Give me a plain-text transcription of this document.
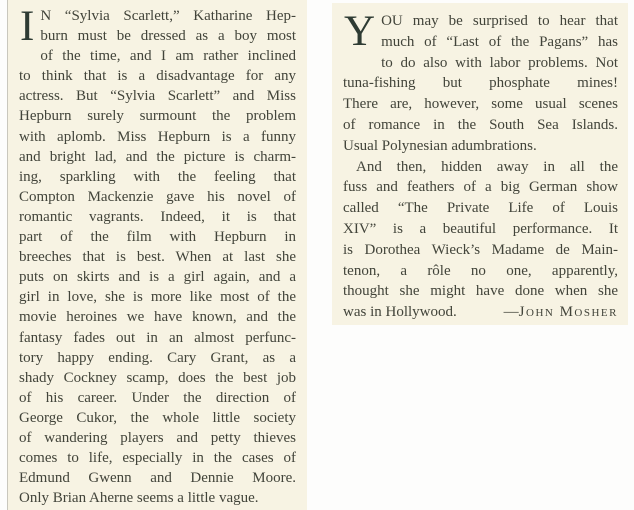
I N “Sylvia Scarlett,” Katharine Hep-
burn must be dressed as a boy most
of the time, and I am rather inclined
to think that is a disadvantage for any
actress. But “Sylvia Scarlett” and Miss
Hepburn surely surmount the problem
with aplomb. Miss Hepburn is a funny
and bright lad, and the picture is charm-
ing, sparkling with the feeling that
Compton Mackenzie gave his novel of
romantic vagrants. Indeed, it is that
part of the film with Hepburn in
breeches that is best. When at last she
puts on skirts and is a girl again, and a
girl in love, she is more like most of the
movie heroines we have known, and the
fantasy fades out in an almost perfunc-
tory happy ending. Cary Grant, as a
shady Cockney scamp, does the best job
of his career. Under the direction of
George Cukor, the whole little society
of wandering players and petty thieves
comes to life, especially in the cases of
Edmund Gwenn and Dennie Moore.
Only Brian Aherne seems a little vague.
Y OU may be surprised to hear that
much of “Last of the Pagans” has
to do also with labor problems. Not
tuna-fishing but phosphate mines!
There are, however, some usual scenes
of romance in the South Sea Islands.
Usual Polynesian adumbrations.
And then, hidden away in all the
fuss and feathers of a big German show
called “The Private Life of Louis
XIV” is a beautiful performance. It
is Dorothea Wieck’s Madame de Main-
tenon, a rôle no one, apparently,
thought she might have done when she
was in Hollywood.	—John Mosher
